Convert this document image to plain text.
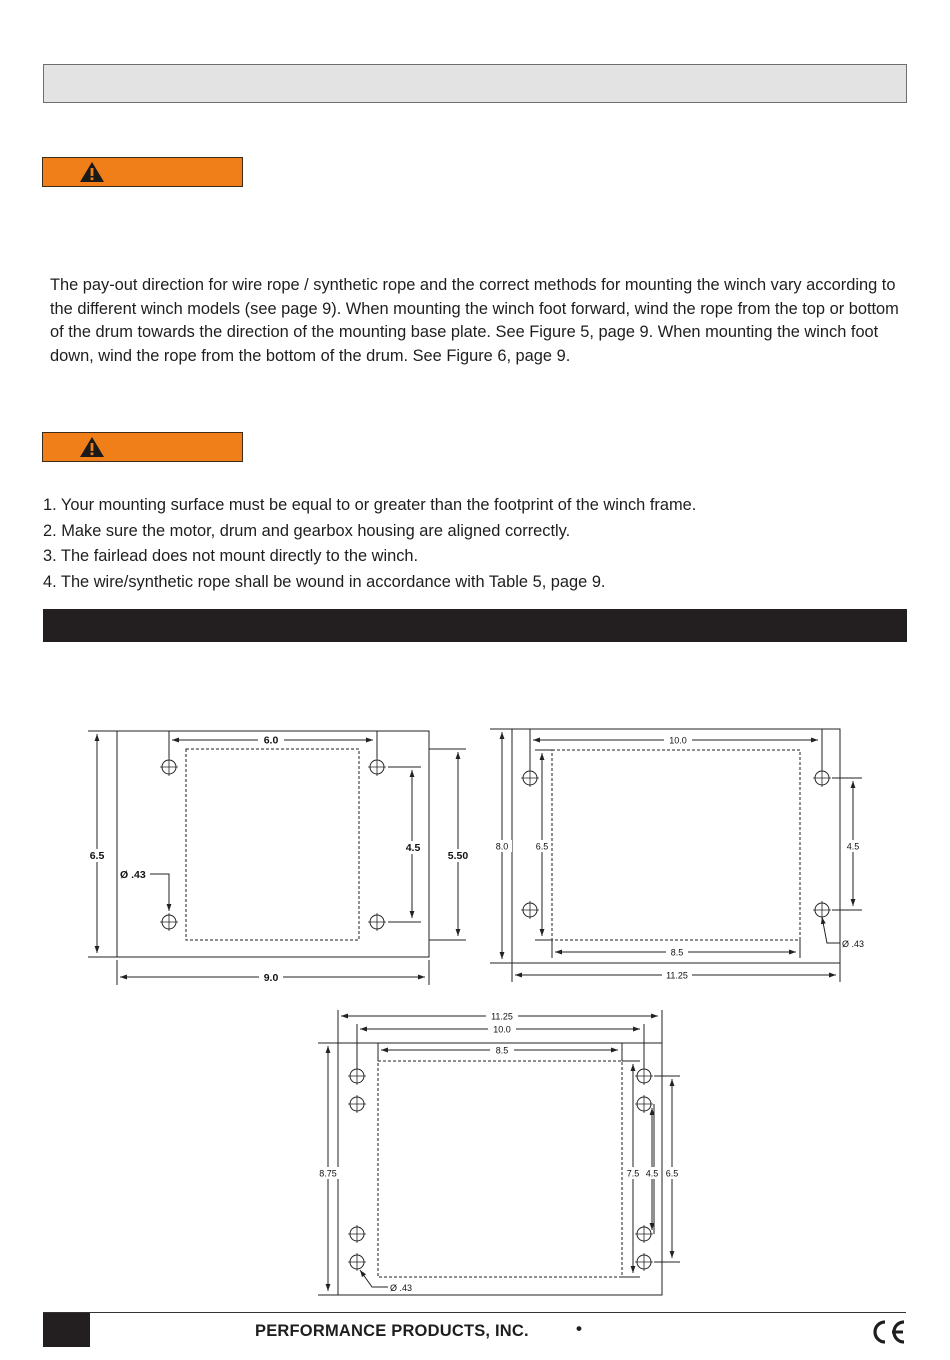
The pay-out direction for wire rope / synthetic rope and the correct methods for mounting the winch vary according to the different winch models (see page 9). When mounting the winch foot forward, wind the rope from the top or bottom of the drum towards the direction of the mounting base plate. See Figure 5, page 9. When mounting the winch foot down, wind the rope from the bottom of the drum. See Figure 6, page 9.

1. Your mounting surface must be equal to or greater than the footprint of the winch frame.
2. Make sure the motor, drum and gearbox housing are aligned correctly.
3. The fairlead does not mount directly to the winch.
4. The wire/synthetic rope shall be wound in accordance with Table 5, page 9.
6.0
6.5
4.5
5.50
9.0
Ø .43
10.0
8.0	6.5	4.5
8.5
11.25
Ø .43
11.25
10.0
8.5
8.75	7.5 4.5 6.5
Ø .43
PERFORMANCE PRODUCTS, INC.	•
